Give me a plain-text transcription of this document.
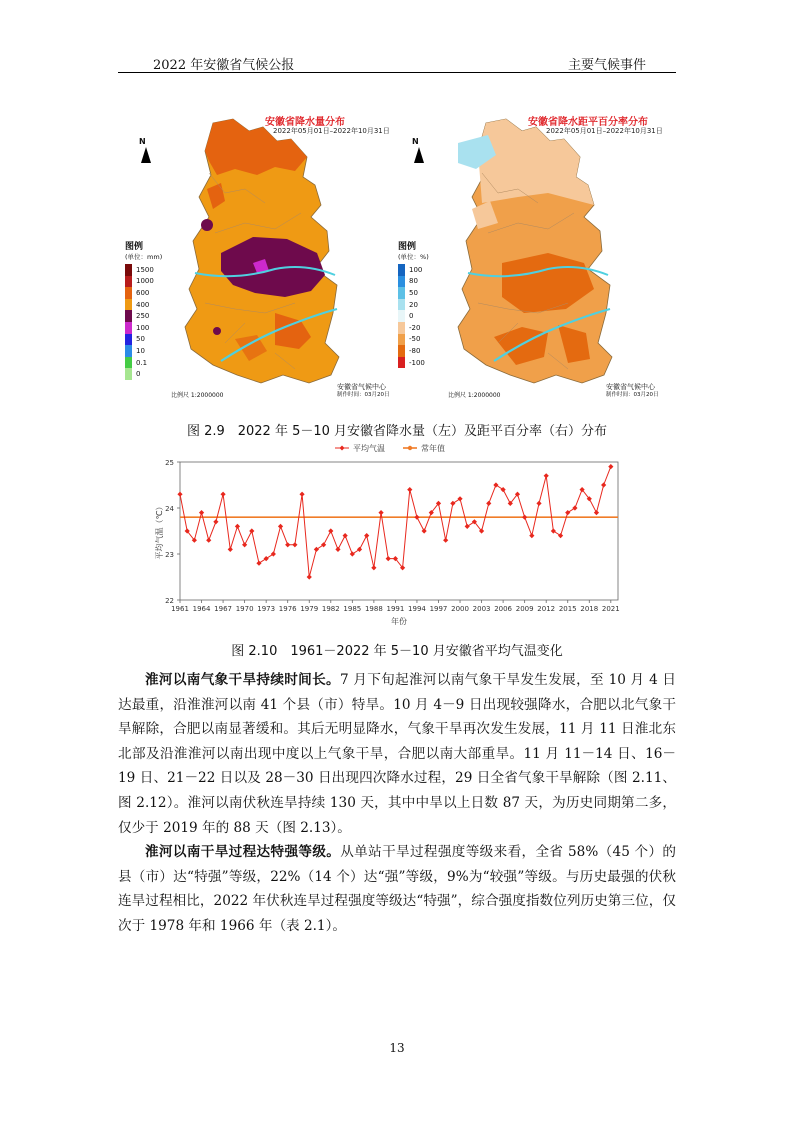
2022 年安徽省气候公报	主要气候事件
N
安徽省降水量分布
2022年05月01日–2022年10月31日
图例
(单位：mm)
1500
1000
600
400
250
100
50
10
0.1
0
比例尺 1:2000000
安徽省气候中心
制作时间：03月20日
N
安徽省降水距平百分率分布
2022年05月01日–2022年10月31日
图例
(单位：%)
100
80
50
20
0
-20
-50
-80
-100
比例尺 1:2000000
安徽省气候中心
制作时间：03月20日
图 2.9　2022 年 5－10 月安徽省降水量（左）及距平百分率（右）分布
22
23
24
25
1961 1964 1967 1970 1973 1976 1979 1982 1985 1988 1991 1994 1997 2000 2003 2006 2009 2012 2015 2018 2021
年份
平均气温（℃）
平均气温	常年值
图 2.10　1961－2022 年 5－10 月安徽省平均气温变化

淮河以南气象干旱持续时间长。7 月下旬起淮河以南气象干旱发生发展，至 10 月 4 日达最重，沿淮淮河以南 41 个县（市）特旱。10 月 4－9 日出现较强降水，合肥以北气象干旱解除，合肥以南显著缓和。其后无明显降水，气象干旱再次发生发展，11 月 11 日淮北东北部及沿淮淮河以南出现中度以上气象干旱，合肥以南大部重旱。11 月 11－14 日、16－19 日、21－22 日以及 28－30 日出现四次降水过程，29 日全省气象干旱解除（图 2.11、图 2.12）。淮河以南伏秋连旱持续 130 天，其中中旱以上日数 87 天，为历史同期第二多，仅少于 2019 年的 88 天（图 2.13）。

淮河以南干旱过程达特强等级。从单站干旱过程强度等级来看，全省 58%（45 个）的县（市）达“特强”等级，22%（14 个）达“强”等级，9%为“较强”等级。与历史最强的伏秋连旱过程相比，2022 年伏秋连旱过程强度等级达“特强”，综合强度指数位列历史第三位，仅次于 1978 年和 1966 年（表 2.1）。

13
